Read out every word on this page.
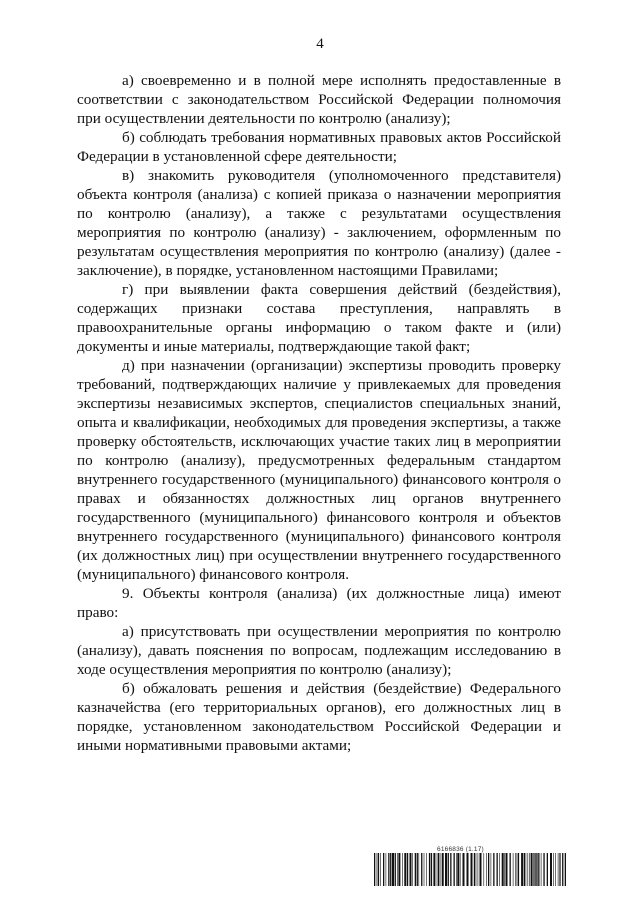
4

а) своевременно и в полной мере исполнять предоставленные в соответствии с законодательством Российской Федерации полномочия при осуществлении деятельности по контролю (анализу);

б) соблюдать требования нормативных правовых актов Российской Федерации в установленной сфере деятельности;

в) знакомить руководителя (уполномоченного представителя) объекта контроля (анализа) с копией приказа о назначении мероприятия по контролю (анализу), а также с результатами осуществления мероприятия по контролю (анализу) - заключением, оформленным по результатам осуществления мероприятия по контролю (анализу) (далее - заключение), в порядке, установленном настоящими Правилами;

г) при выявлении факта совершения действий (бездействия), содержащих признаки состава преступления, направлять в правоохранительные органы информацию о таком факте и (или) документы и иные материалы, подтверждающие такой факт;

д) при назначении (организации) экспертизы проводить проверку требований, подтверждающих наличие у привлекаемых для проведения экспертизы независимых экспертов, специалистов специальных знаний, опыта и квалификации, необходимых для проведения экспертизы, а также проверку обстоятельств, исключающих участие таких лиц в мероприятии по контролю (анализу), предусмотренных федеральным стандартом внутреннего государственного (муниципального) финансового контроля о правах и обязанностях должностных лиц органов внутреннего государственного (муниципального) финансового контроля и объектов внутреннего государственного (муниципального) финансового контроля (их должностных лиц) при осуществлении внутреннего государственного (муниципального) финансового контроля.

9. Объекты контроля (анализа) (их должностные лица) имеют право:

а) присутствовать при осуществлении мероприятия по контролю (анализу), давать пояснения по вопросам, подлежащим исследованию в ходе осуществления мероприятия по контролю (анализу);

б) обжаловать решения и действия (бездействие) Федерального казначейства (его территориальных органов), его должностных лиц в порядке, установленном законодательством Российской Федерации и иными нормативными правовыми актами;

6166836 (1.17)
